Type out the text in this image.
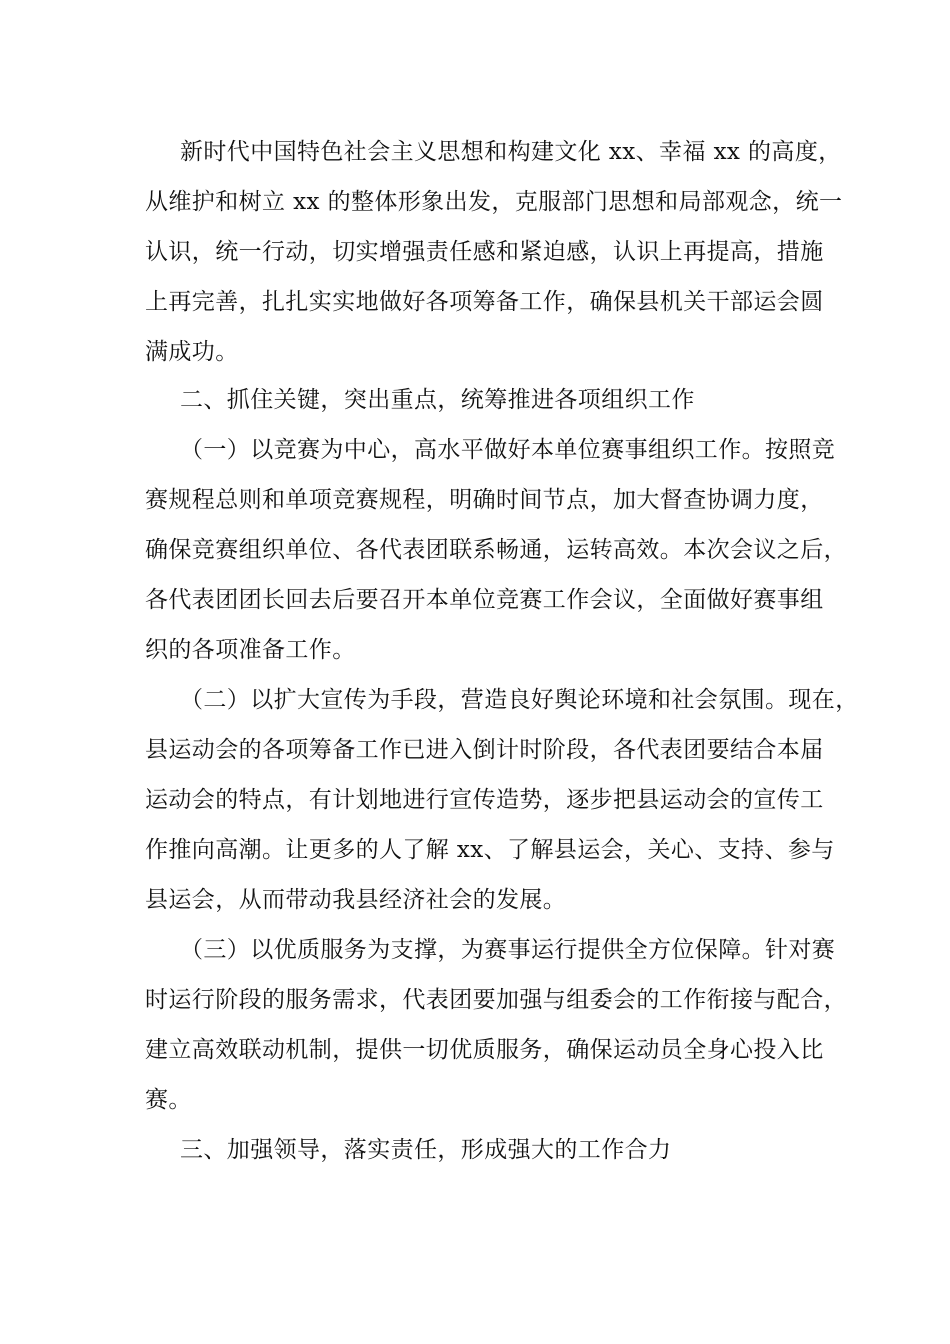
新时代中国特色社会主义思想和构建文化 xx、幸福 xx 的高度，

从维护和树立 xx 的整体形象出发，克服部门思想和局部观念，统一

认识，统一行动，切实增强责任感和紧迫感，认识上再提高，措施

上再完善，扎扎实实地做好各项筹备工作，确保县机关干部运会圆

满成功。

二、抓住关键，突出重点，统筹推进各项组织工作

（一）以竞赛为中心，高水平做好本单位赛事组织工作。按照竞

赛规程总则和单项竞赛规程，明确时间节点，加大督查协调力度，

确保竞赛组织单位、各代表团联系畅通，运转高效。本次会议之后，

各代表团团长回去后要召开本单位竞赛工作会议，全面做好赛事组

织的各项准备工作。

（二）以扩大宣传为手段，营造良好舆论环境和社会氛围。现在，

县运动会的各项筹备工作已进入倒计时阶段，各代表团要结合本届

运动会的特点，有计划地进行宣传造势，逐步把县运动会的宣传工

作推向高潮。让更多的人了解 xx、了解县运会，关心、支持、参与

县运会，从而带动我县经济社会的发展。

（三）以优质服务为支撑，为赛事运行提供全方位保障。针对赛

时运行阶段的服务需求，代表团要加强与组委会的工作衔接与配合，

建立高效联动机制，提供一切优质服务，确保运动员全身心投入比

赛。

三、加强领导，落实责任，形成强大的工作合力
